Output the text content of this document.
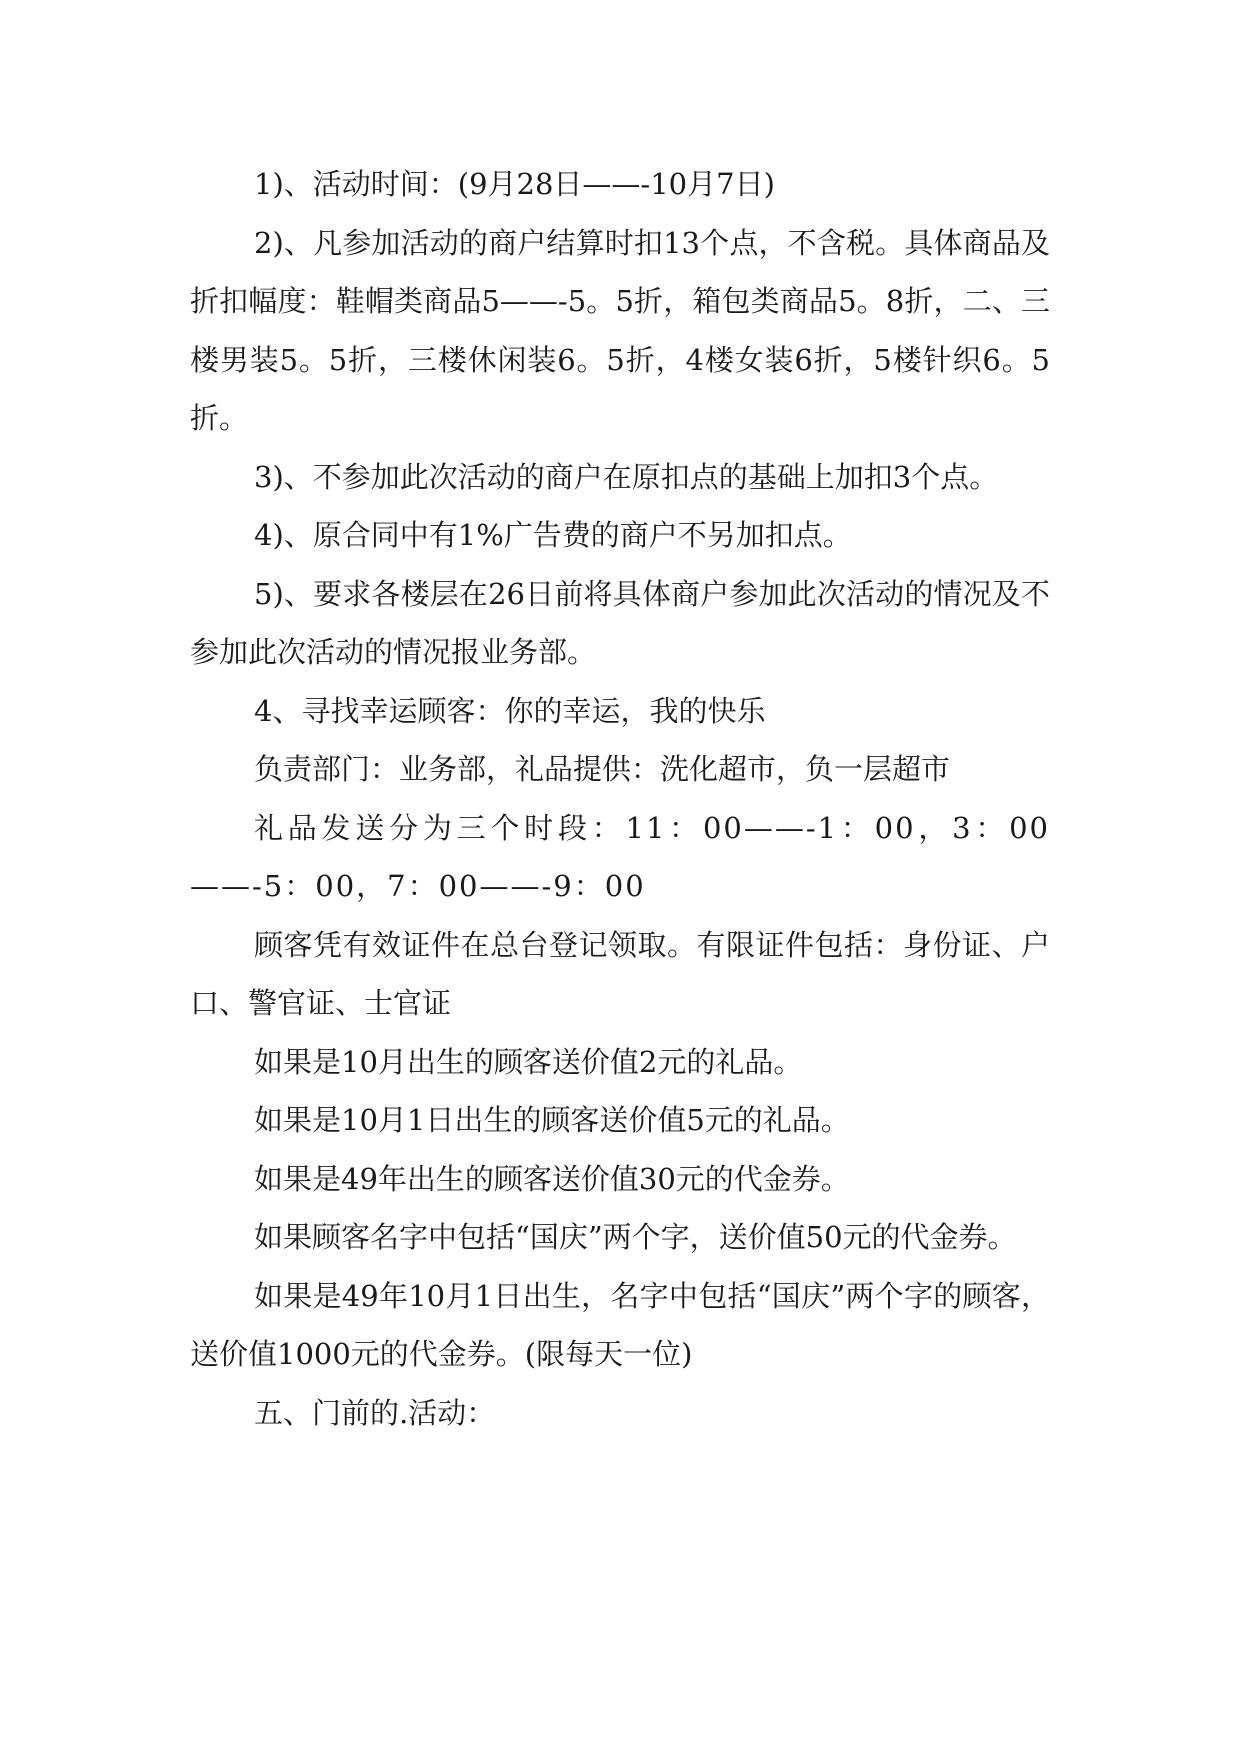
1)、活动时间：(9月28日——-10月7日)

2)、凡参加活动的商户结算时扣13个点，不含税。具体商品及折扣幅度：鞋帽类商品5——-5。5折，箱包类商品5。8折，二、三楼男装5。5折，三楼休闲装6。5折，4楼女装6折，5楼针织6。5折。

3)、不参加此次活动的商户在原扣点的基础上加扣3个点。

4)、原合同中有1%广告费的商户不另加扣点。

5)、要求各楼层在26日前将具体商户参加此次活动的情况及不参加此次活动的情况报业务部。

4、寻找幸运顾客：你的幸运，我的快乐

负责部门：业务部，礼品提供：洗化超市，负一层超市

礼品发送分为三个时段：11：00——-1：00，3：00——-5：00，7：00——-9：00

顾客凭有效证件在总台登记领取。有限证件包括：身份证、户口、警官证、士官证

如果是10月出生的顾客送价值2元的礼品。

如果是10月1日出生的顾客送价值5元的礼品。

如果是49年出生的顾客送价值30元的代金券。

如果顾客名字中包括“国庆”两个字，送价值50元的代金券。

如果是49年10月1日出生，名字中包括“国庆”两个字的顾客，送价值1000元的代金券。(限每天一位)

五、门前的.活动：
